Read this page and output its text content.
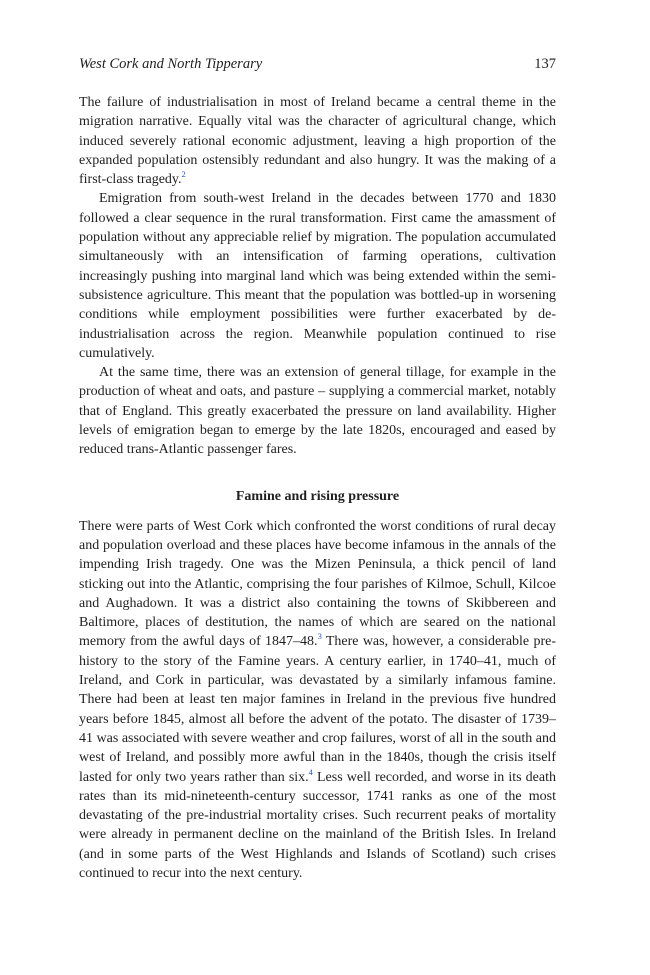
West Cork and North Tipperary	137

The failure of industrialisation in most of Ireland became a central theme in the migration narrative. Equally vital was the character of agricultural change, which induced severely rational economic adjustment, leaving a high proportion of the expanded population ostensibly redundant and also hungry. It was the making of a first-class tragedy.$^2$

Emigration from south-west Ireland in the decades between 1770 and 1830 followed a clear sequence in the rural transformation. First came the amassment of population without any appreciable relief by migration. The population accumulated simultaneously with an intensification of farming operations, cultivation increasingly pushing into marginal land which was being extended within the semi-subsistence agriculture. This meant that the population was bottled-up in worsening conditions while employment possibilities were further exacerbated by de-industrialisation across the region. Meanwhile population continued to rise cumulatively.

At the same time, there was an extension of general tillage, for example in the production of wheat and oats, and pasture – supplying a commercial market, notably that of England. This greatly exacerbated the pressure on land availability. Higher levels of emigration began to emerge by the late 1820s, encouraged and eased by reduced trans-Atlantic passenger fares.

Famine and rising pressure

There were parts of West Cork which confronted the worst conditions of rural decay and population overload and these places have become infamous in the annals of the impending Irish tragedy. One was the Mizen Peninsula, a thick pencil of land sticking out into the Atlantic, comprising the four parishes of Kilmoe, Schull, Kilcoe and Aughadown. It was a district also containing the towns of Skibbereen and Baltimore, places of destitution, the names of which are seared on the national memory from the awful days of 1847–48.$^3$ There was, however, a considerable pre-history to the story of the Famine years. A century earlier, in 1740–41, much of Ireland, and Cork in particular, was devastated by a similarly infamous famine. There had been at least ten major famines in Ireland in the previous five hundred years before 1845, almost all before the advent of the potato. The disaster of 1739–41 was associated with severe weather and crop failures, worst of all in the south and west of Ireland, and possibly more awful than in the 1840s, though the crisis itself lasted for only two years rather than six.$^4$ Less well recorded, and worse in its death rates than its mid-nineteenth-century successor, 1741 ranks as one of the most devastating of the pre-industrial mortality crises. Such recurrent peaks of mortality were already in permanent decline on the mainland of the British Isles. In Ireland (and in some parts of the West Highlands and Islands of Scotland) such crises continued to recur into the next century.
